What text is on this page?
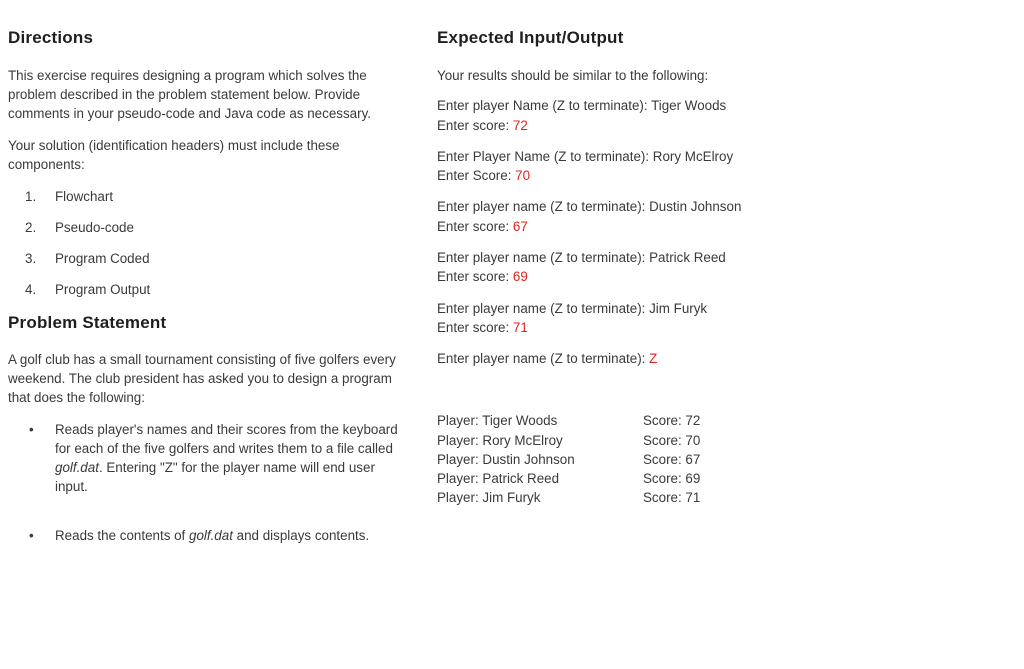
Directions

This exercise requires designing a program which solves the problem described in the problem statement below. Provide comments in your pseudo-code and Java code as necessary.

Your solution (identification headers) must include these components:

1.	Flowchart
2.	Pseudo-code
3.	Program Coded
4.	Program Output
Problem Statement

A golf club has a small tournament consisting of five golfers every weekend. The club president has asked you to design a program that does the following:

•	Reads player's names and their scores from the keyboard for each of the five golfers and writes them to a file called golf.dat. Entering "Z" for the player name will end user input.
•	Reads the contents of golf.dat and displays contents.
Expected Input/Output

Your results should be similar to the following:

Enter player Name (Z to terminate): Tiger Woods

Enter score: 72

Enter Player Name (Z to terminate): Rory McElroy

Enter Score: 70

Enter player name (Z to terminate): Dustin Johnson

Enter score: 67

Enter player name (Z to terminate): Patrick Reed

Enter score: 69

Enter player name (Z to terminate): Jim Furyk

Enter score: 71

Enter player name (Z to terminate): Z

Player: Tiger Woods	Score: 72
Player: Rory McElroy	Score: 70
Player: Dustin Johnson	Score: 67
Player: Patrick Reed	Score: 69
Player: Jim Furyk	Score: 71
